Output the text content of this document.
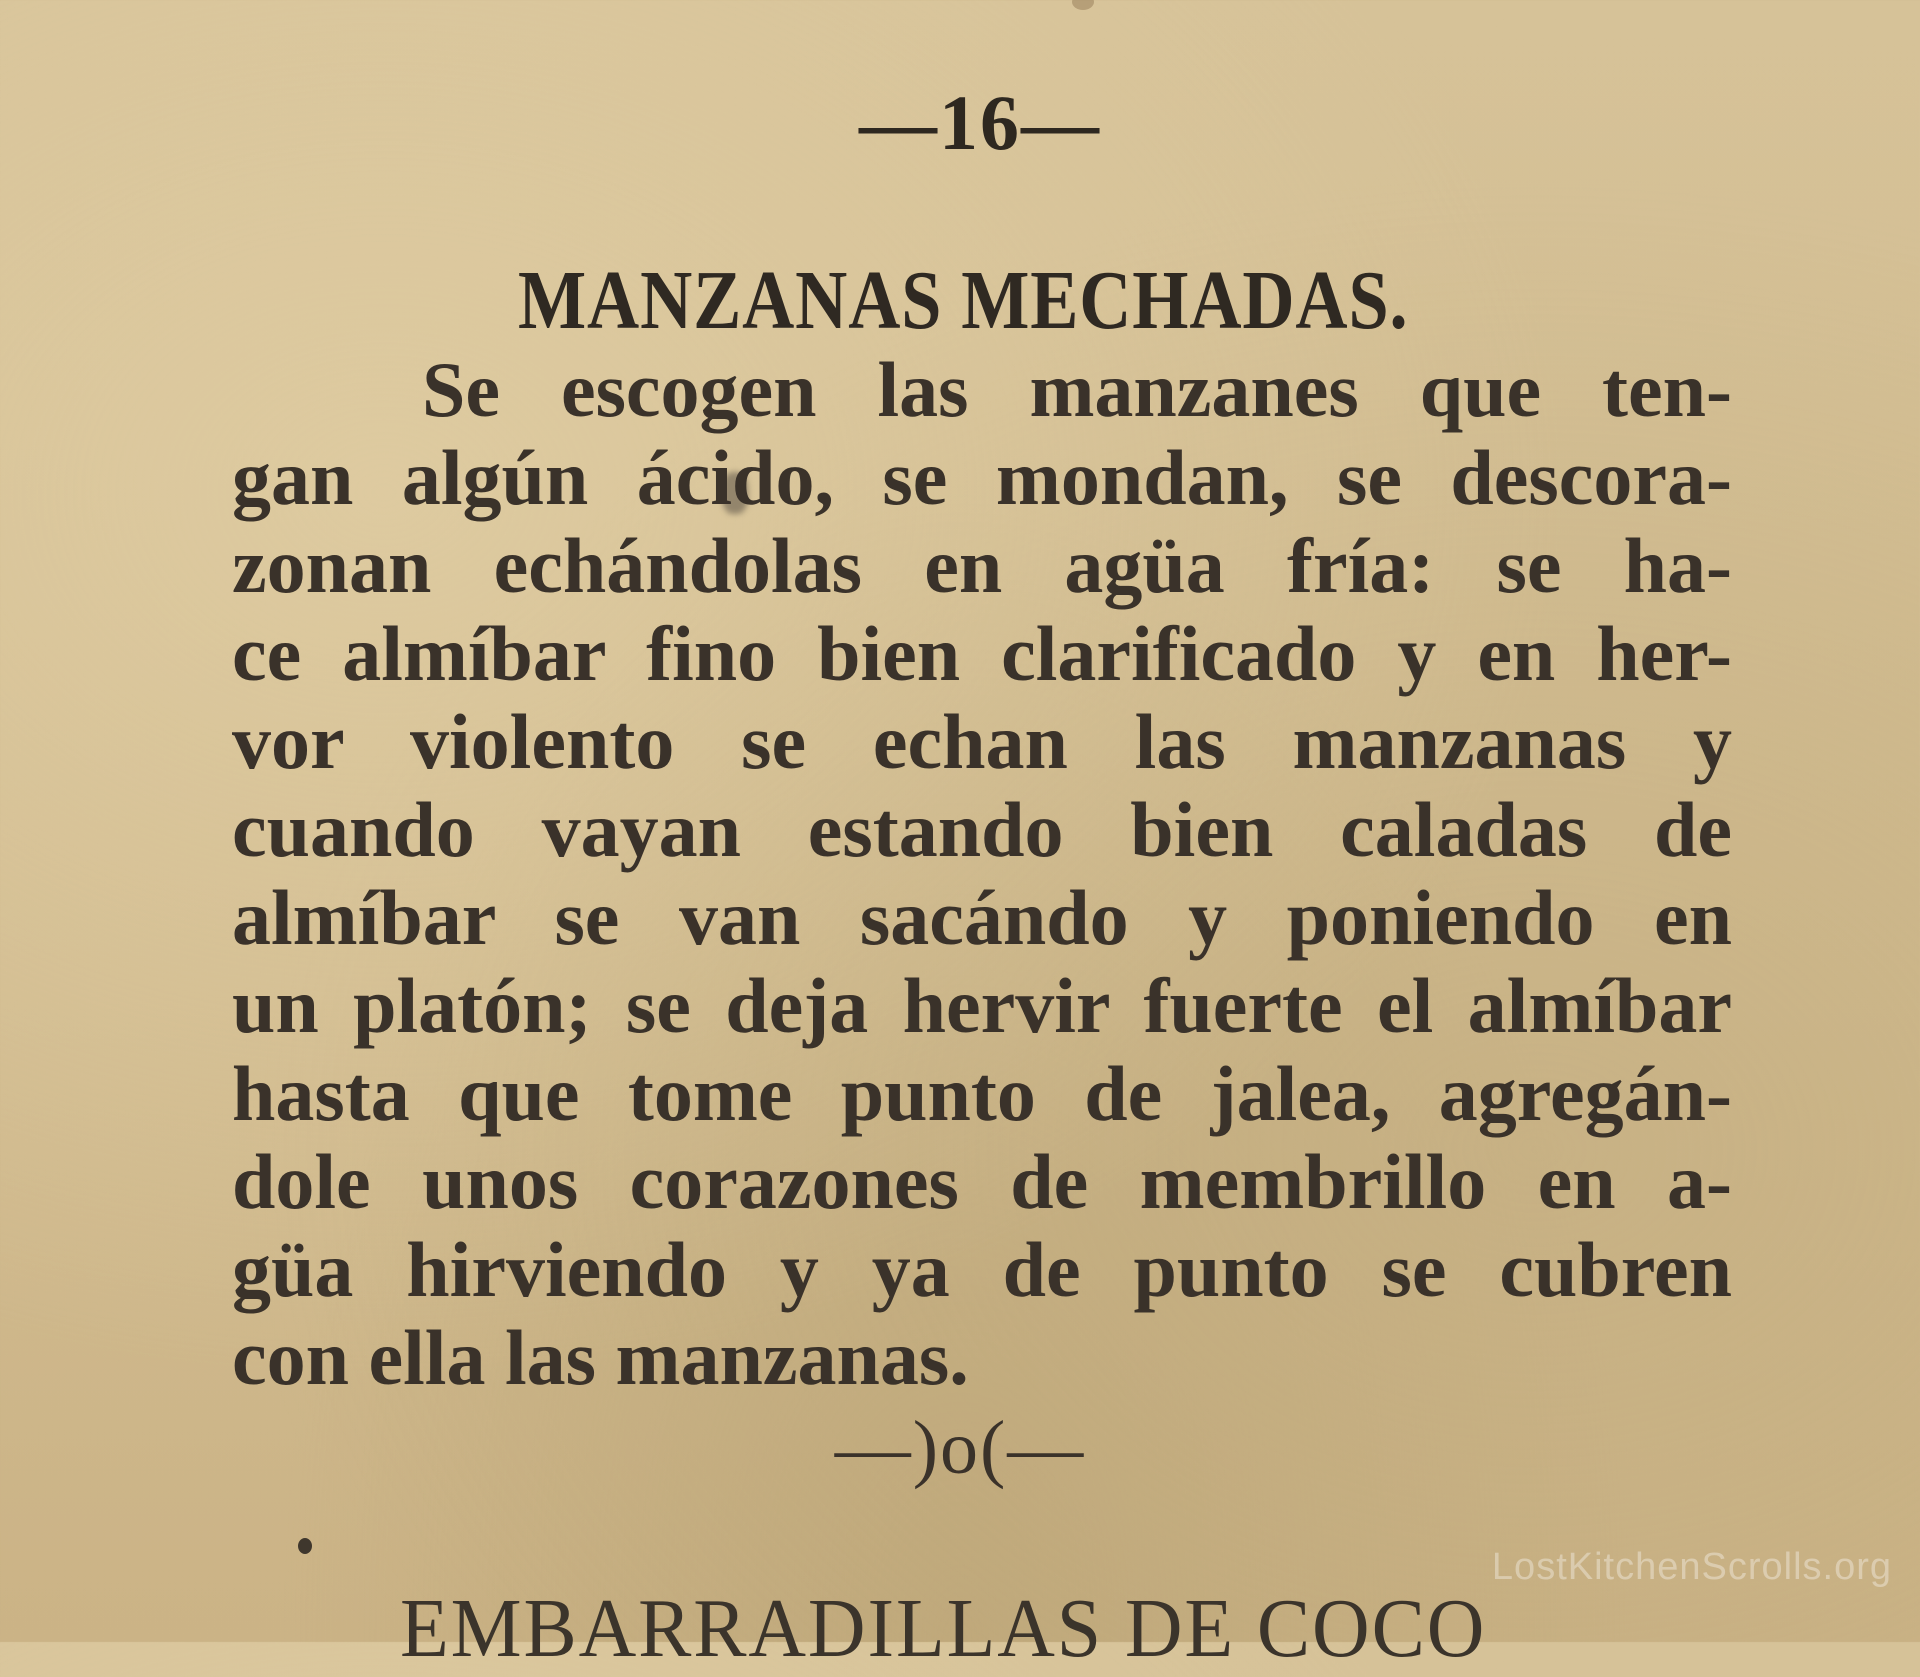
—16—
MANZANAS MECHADAS.
Se escogen las manzanes que ten-
gan algún ácido, se mondan, se descora-
zonan echándolas en agüa fría: se ha-
ce almíbar fino bien clarificado y en her-
vor violento se echan las manzanas y
cuando vayan estando bien caladas de
almíbar se van sacándo y poniendo en
un platón; se deja hervir fuerte el almíbar
hasta que tome punto de jalea, agregán-
dole unos corazones de membrillo en a-
güa hirviendo y ya de punto se cubren
con ella las manzanas.
—)o(—
EMBARRADILLAS DE COCO
LostKitchenScrolls.org
